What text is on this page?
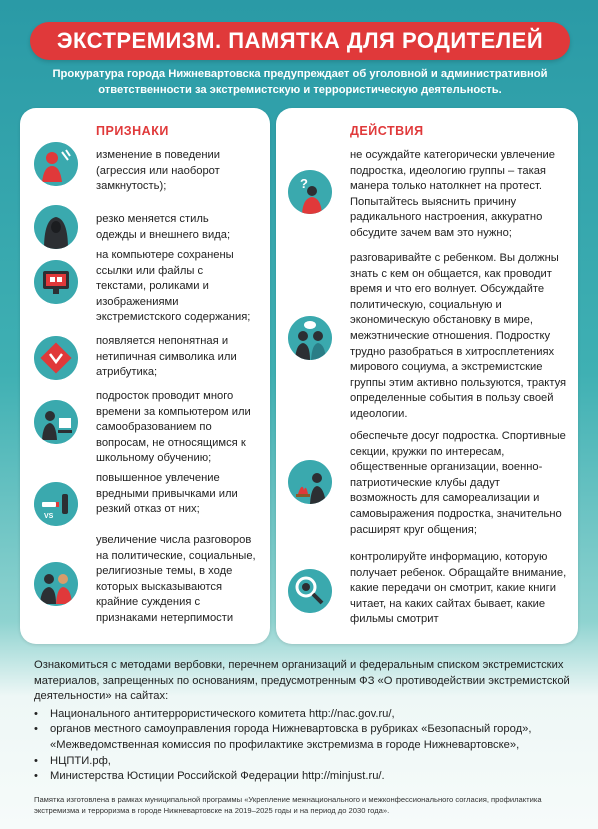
ЭКСТРЕМИЗМ. ПАМЯТКА ДЛЯ РОДИТЕЛЕЙ
Прокуратура города Нижневартовска предупреждает об уголовной и административной ответственности за экстремистскую и террористическую деятельность.
ПРИЗНАКИ
изменение в поведении (агрессия или наоборот замкнутость);
резко меняется стиль одежды и внешнего вида;
на компьютере сохранены ссылки или файлы с текстами, роликами и изображениями экстремистского содержания;
появляется непонятная и нетипичная символика или атрибутика;
подросток проводит много времени за компьютером или самообразованием по вопросам, не относящимся к школьному обучению;
VS
повышенное увлечение вредными привычками или резкий отказ от них;
увеличение числа разговоров на политические, социальные, религиозные темы, в ходе которых высказываются крайние суждения с признаками нетерпимости
ДЕЙСТВИЯ
?
не осуждайте категорически увлечение подростка, идеологию группы – такая манера только натолкнет на протест. Попытайтесь выяснить причину радикального настроения, аккуратно обсудите зачем вам это нужно;
разговаривайте с ребенком. Вы должны знать с кем он общается, как проводит время и что его волнует. Обсуждайте политическую, социальную и экономическую обстановку в мире, межэтнические отношения. Подростку трудно разобраться в хитросплетениях мирового социума, а экстремистские группы этим активно пользуются, трактуя определенные события в пользу своей идеологии.
обеспечьте досуг подростка. Спортивные секции, кружки по интересам, общественные организации, военно-патриотические клубы дадут возможность для самореализации и самовыражения подростка, значительно расширят круг общения;
контролируйте информацию, которую получает ребенок. Обращайте внимание, какие передачи он смотрит, какие книги читает, на каких сайтах бывает, какие фильмы смотрит
Ознакомиться с методами вербовки, перечнем организаций и федеральным списком экстремистских материалов, запрещенных по основаниям, предусмотренным ФЗ «О противодействии экстремистской деятельности» на сайтах:
• Национального антитеррористического комитета http://nac.gov.ru/,
• органов местного самоуправления города Нижневартовска в рубриках «Безопасный город», «Межведомственная комиссия по профилактике экстремизма в городе Нижневартовске»,
• НЦПТИ.рф,
• Министерства Юстиции Российской Федерации http://minjust.ru/.
Памятка изготовлена в рамках муниципальной программы «Укрепление межнационального и межконфессионального согласия, профилактика экстремизма и терроризма в городе Нижневартовске на 2019–2025 годы и на период до 2030 года».
